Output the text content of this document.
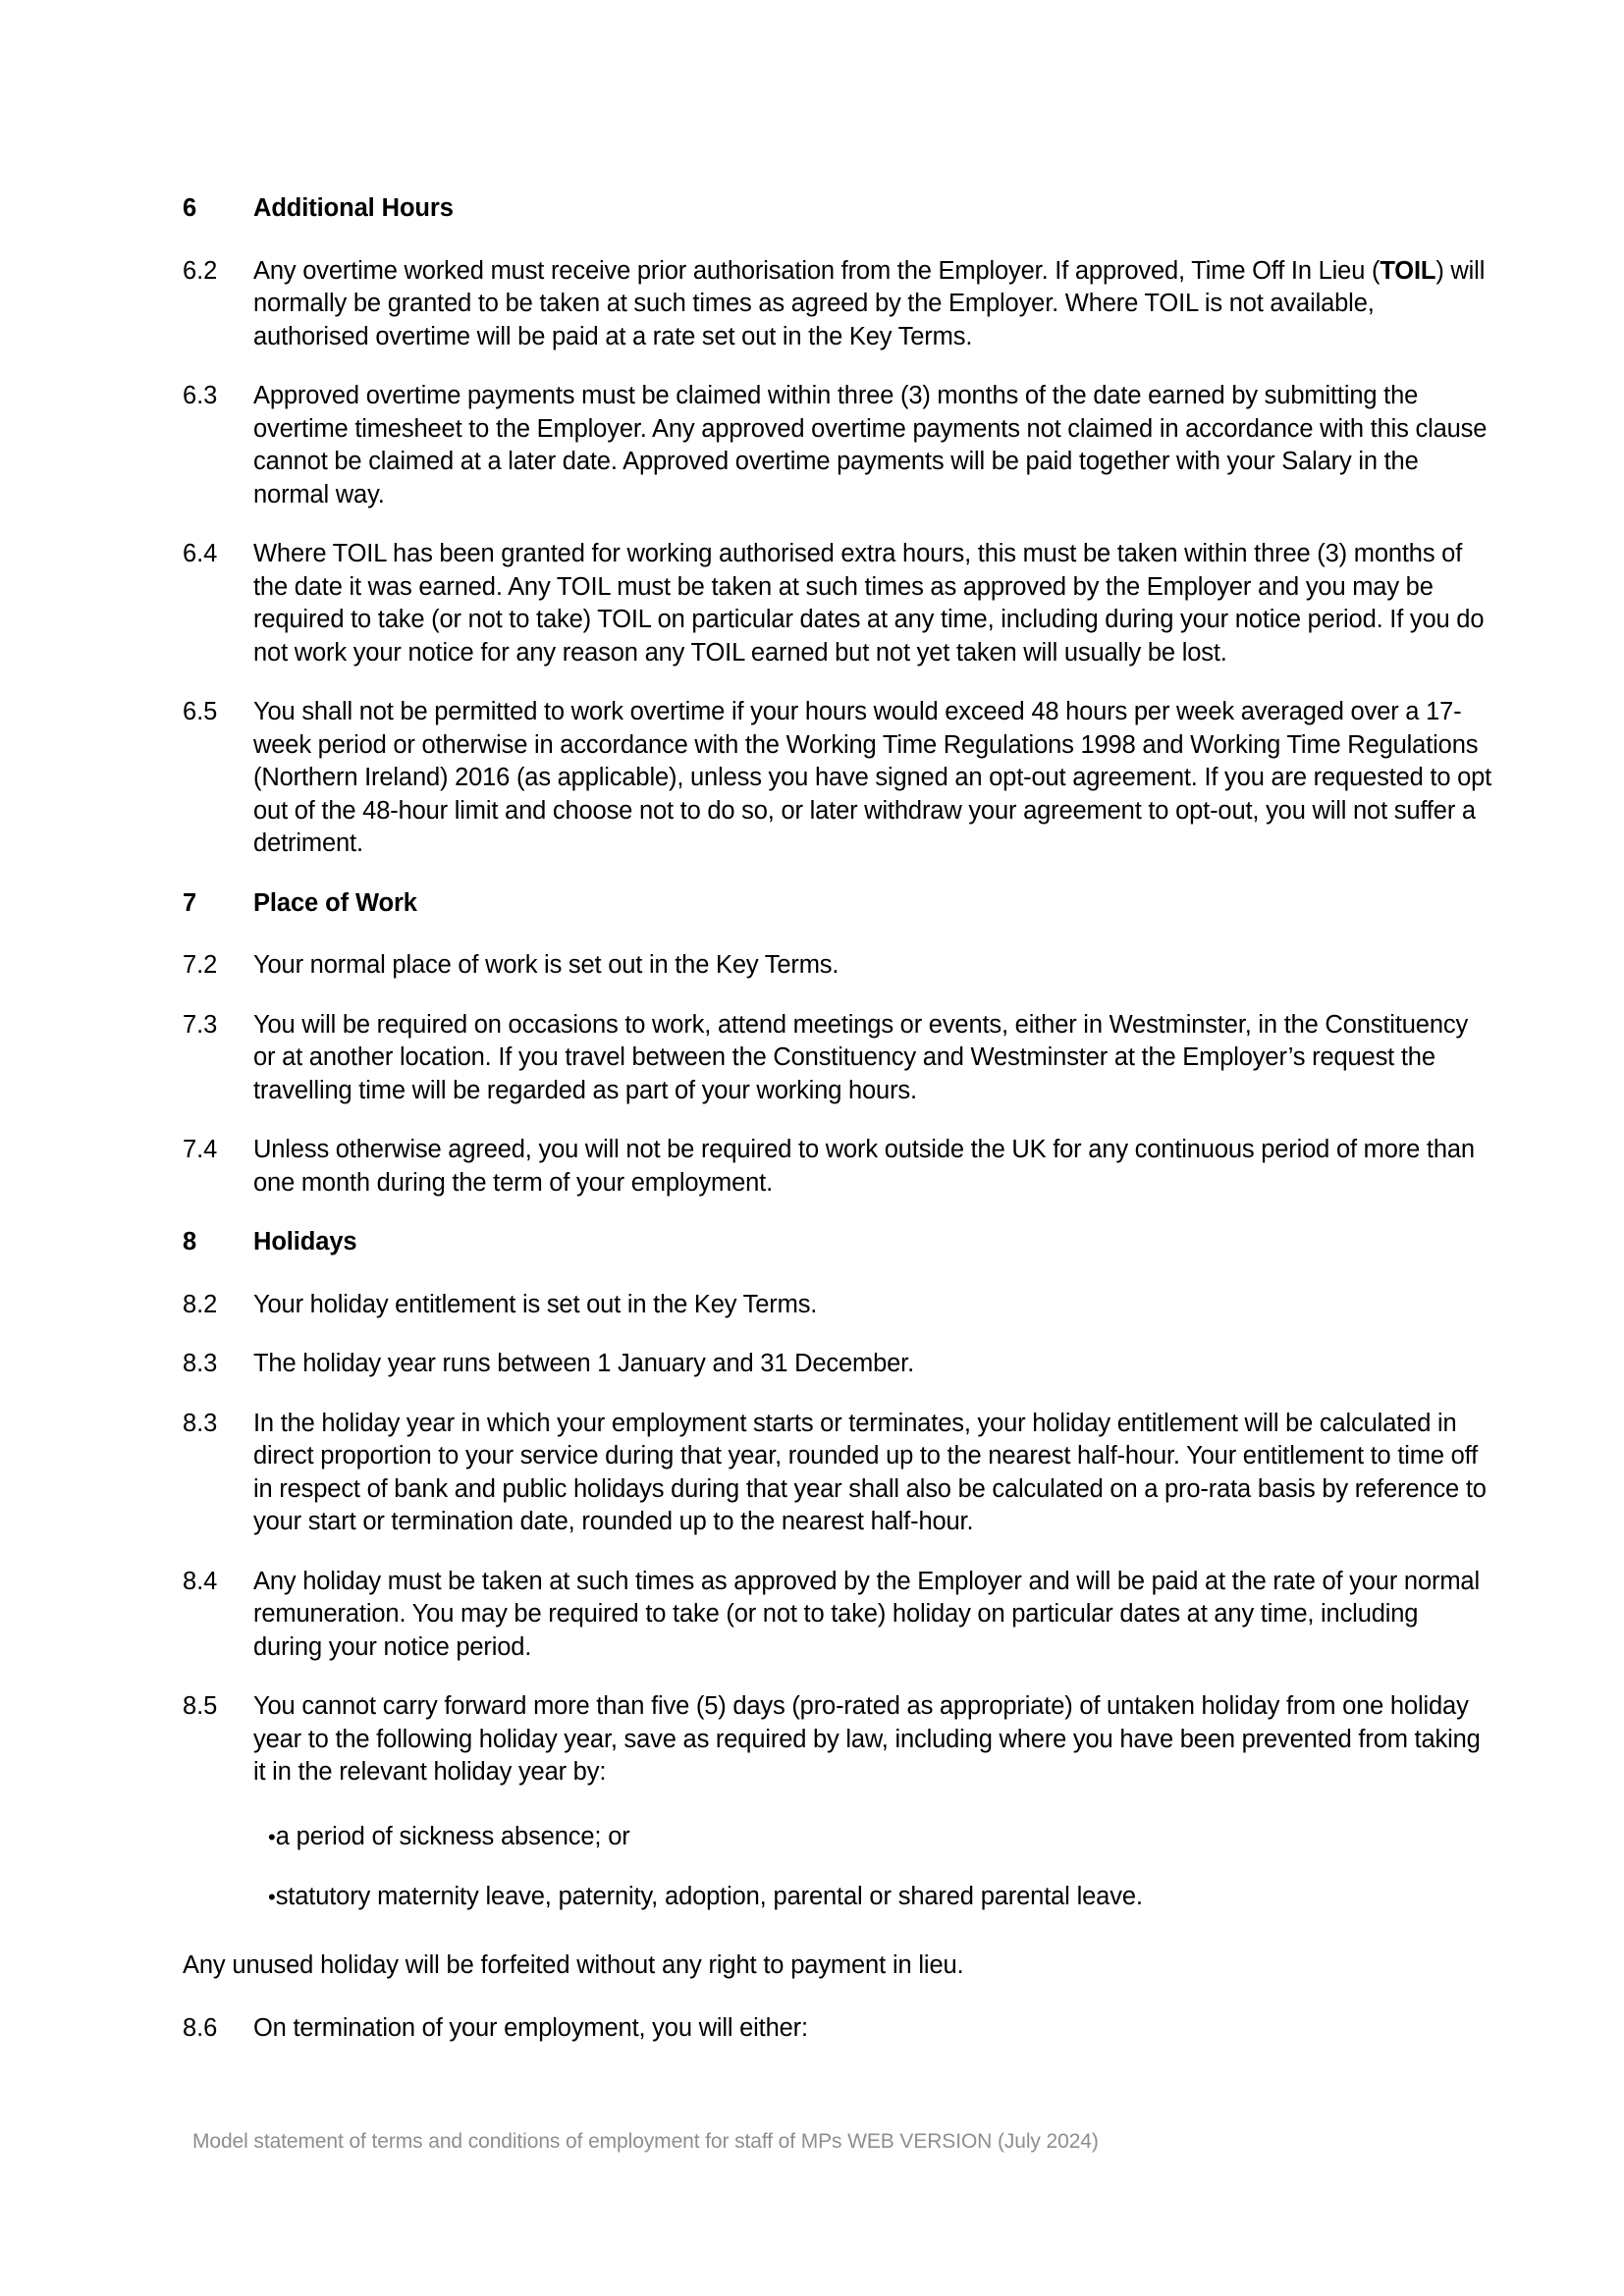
6	Additional Hours
6.2	Any overtime worked must receive prior authorisation from the Employer. If approved, Time Off In Lieu (TOIL) will normally be granted to be taken at such times as agreed by the Employer. Where TOIL is not available, authorised overtime will be paid at a rate set out in the Key Terms.
6.3	Approved overtime payments must be claimed within three (3) months of the date earned by submitting the overtime timesheet to the Employer. Any approved overtime payments not claimed in accordance with this clause cannot be claimed at a later date. Approved overtime payments will be paid together with your Salary in the normal way.
6.4	Where TOIL has been granted for working authorised extra hours, this must be taken within three (3) months of the date it was earned. Any TOIL must be taken at such times as approved by the Employer and you may be required to take (or not to take) TOIL on particular dates at any time, including during your notice period. If you do not work your notice for any reason any TOIL earned but not yet taken will usually be lost.
6.5	You shall not be permitted to work overtime if your hours would exceed 48 hours per week averaged over a 17-week period or otherwise in accordance with the Working Time Regulations 1998 and Working Time Regulations (Northern Ireland) 2016 (as applicable), unless you have signed an opt-out agreement. If you are requested to opt out of the 48-hour limit and choose not to do so, or later withdraw your agreement to opt-out, you will not suffer a detriment.
7	Place of Work
7.2	Your normal place of work is set out in the Key Terms.
7.3	You will be required on occasions to work, attend meetings or events, either in Westminster, in the Constituency or at another location. If you travel between the Constituency and Westminster at the Employer’s request the travelling time will be regarded as part of your working hours.
7.4	Unless otherwise agreed, you will not be required to work outside the UK for any continuous period of more than one month during the term of your employment.
8	Holidays
8.2	Your holiday entitlement is set out in the Key Terms.
8.3	The holiday year runs between 1 January and 31 December.
8.3	In the holiday year in which your employment starts or terminates, your holiday entitlement will be calculated in direct proportion to your service during that year, rounded up to the nearest half-hour. Your entitlement to time off in respect of bank and public holidays during that year shall also be calculated on a pro-rata basis by reference to your start or termination date, rounded up to the nearest half-hour.
8.4	Any holiday must be taken at such times as approved by the Employer and will be paid at the rate of your normal remuneration. You may be required to take (or not to take) holiday on particular dates at any time, including during your notice period.
8.5	You cannot carry forward more than five (5) days (pro-rated as appropriate) of untaken holiday from one holiday year to the following holiday year, save as required by law, including where you have been prevented from taking it in the relevant holiday year by:
• a period of sickness absence; or
• statutory maternity leave, paternity, adoption, parental or shared parental leave.
Any unused holiday will be forfeited without any right to payment in lieu.
8.6	On termination of your employment, you will either:
Model statement of terms and conditions of employment for staff of MPs WEB VERSION (July 2024)
